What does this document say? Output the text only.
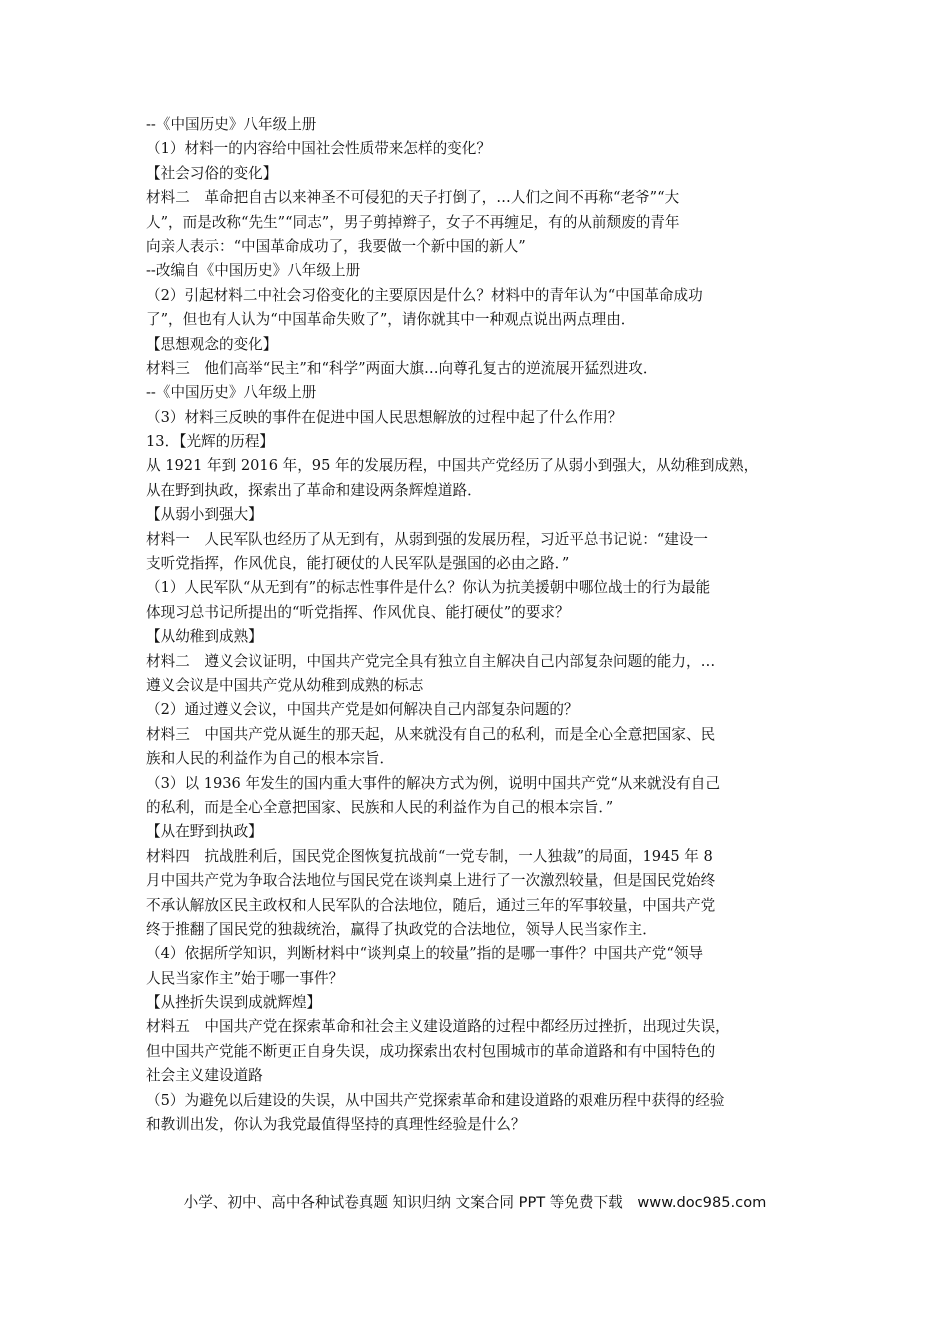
--《中国历史》八年级上册
（1）材料一的内容给中国社会性质带来怎样的变化？
【社会习俗的变化】
材料二　革命把自古以来神圣不可侵犯的天子打倒了，…人们之间不再称“老爷”“大
人”，而是改称“先生”“同志”，男子剪掉辫子，女子不再缠足，有的从前颓废的青年
向亲人表示：“中国革命成功了，我要做一个新中国的新人”
--改编自《中国历史》八年级上册
（2）引起材料二中社会习俗变化的主要原因是什么？材料中的青年认为“中国革命成功
了”，但也有人认为“中国革命失败了”，请你就其中一种观点说出两点理由．
【思想观念的变化】
材料三　他们高举“民主”和“科学”两面大旗…向尊孔复古的逆流展开猛烈进攻．
--《中国历史》八年级上册
（3）材料三反映的事件在促进中国人民思想解放的过程中起了什么作用？
13．【光辉的历程】
从 1921 年到 2016 年，95 年的发展历程，中国共产党经历了从弱小到强大，从幼稚到成熟，
从在野到执政，探索出了革命和建设两条辉煌道路．
【从弱小到强大】
材料一　人民军队也经历了从无到有，从弱到强的发展历程，习近平总书记说：“建设一
支听党指挥，作风优良，能打硬仗的人民军队是强国的必由之路．”
（1）人民军队“从无到有”的标志性事件是什么？你认为抗美援朝中哪位战士的行为最能
体现习总书记所提出的“听党指挥、作风优良、能打硬仗”的要求？
【从幼稚到成熟】
材料二　遵义会议证明，中国共产党完全具有独立自主解决自己内部复杂问题的能力，…
遵义会议是中国共产党从幼稚到成熟的标志
（2）通过遵义会议，中国共产党是如何解决自己内部复杂问题的？
材料三　中国共产党从诞生的那天起，从来就没有自己的私利，而是全心全意把国家、民
族和人民的利益作为自己的根本宗旨．
（3）以 1936 年发生的国内重大事件的解决方式为例，说明中国共产党“从来就没有自己
的私利，而是全心全意把国家、民族和人民的利益作为自己的根本宗旨．”
【从在野到执政】
材料四　抗战胜利后，国民党企图恢复抗战前“一党专制，一人独裁”的局面，1945 年 8
月中国共产党为争取合法地位与国民党在谈判桌上进行了一次激烈较量，但是国民党始终
不承认解放区民主政权和人民军队的合法地位，随后，通过三年的军事较量，中国共产党
终于推翻了国民党的独裁统治，赢得了执政党的合法地位，领导人民当家作主．
（4）依据所学知识，判断材料中“谈判桌上的较量”指的是哪一事件？中国共产党“领导
人民当家作主”始于哪一事件？
【从挫折失误到成就辉煌】
材料五　中国共产党在探索革命和社会主义建设道路的过程中都经历过挫折，出现过失误，
但中国共产党能不断更正自身失误，成功探索出农村包围城市的革命道路和有中国特色的
社会主义建设道路
（5）为避免以后建设的失误，从中国共产党探索革命和建设道路的艰难历程中获得的经验
和教训出发，你认为我党最值得坚持的真理性经验是什么？
小学、初中、高中各种试卷真题 知识归纳 文案合同 PPT 等免费下载　www.doc985.com
